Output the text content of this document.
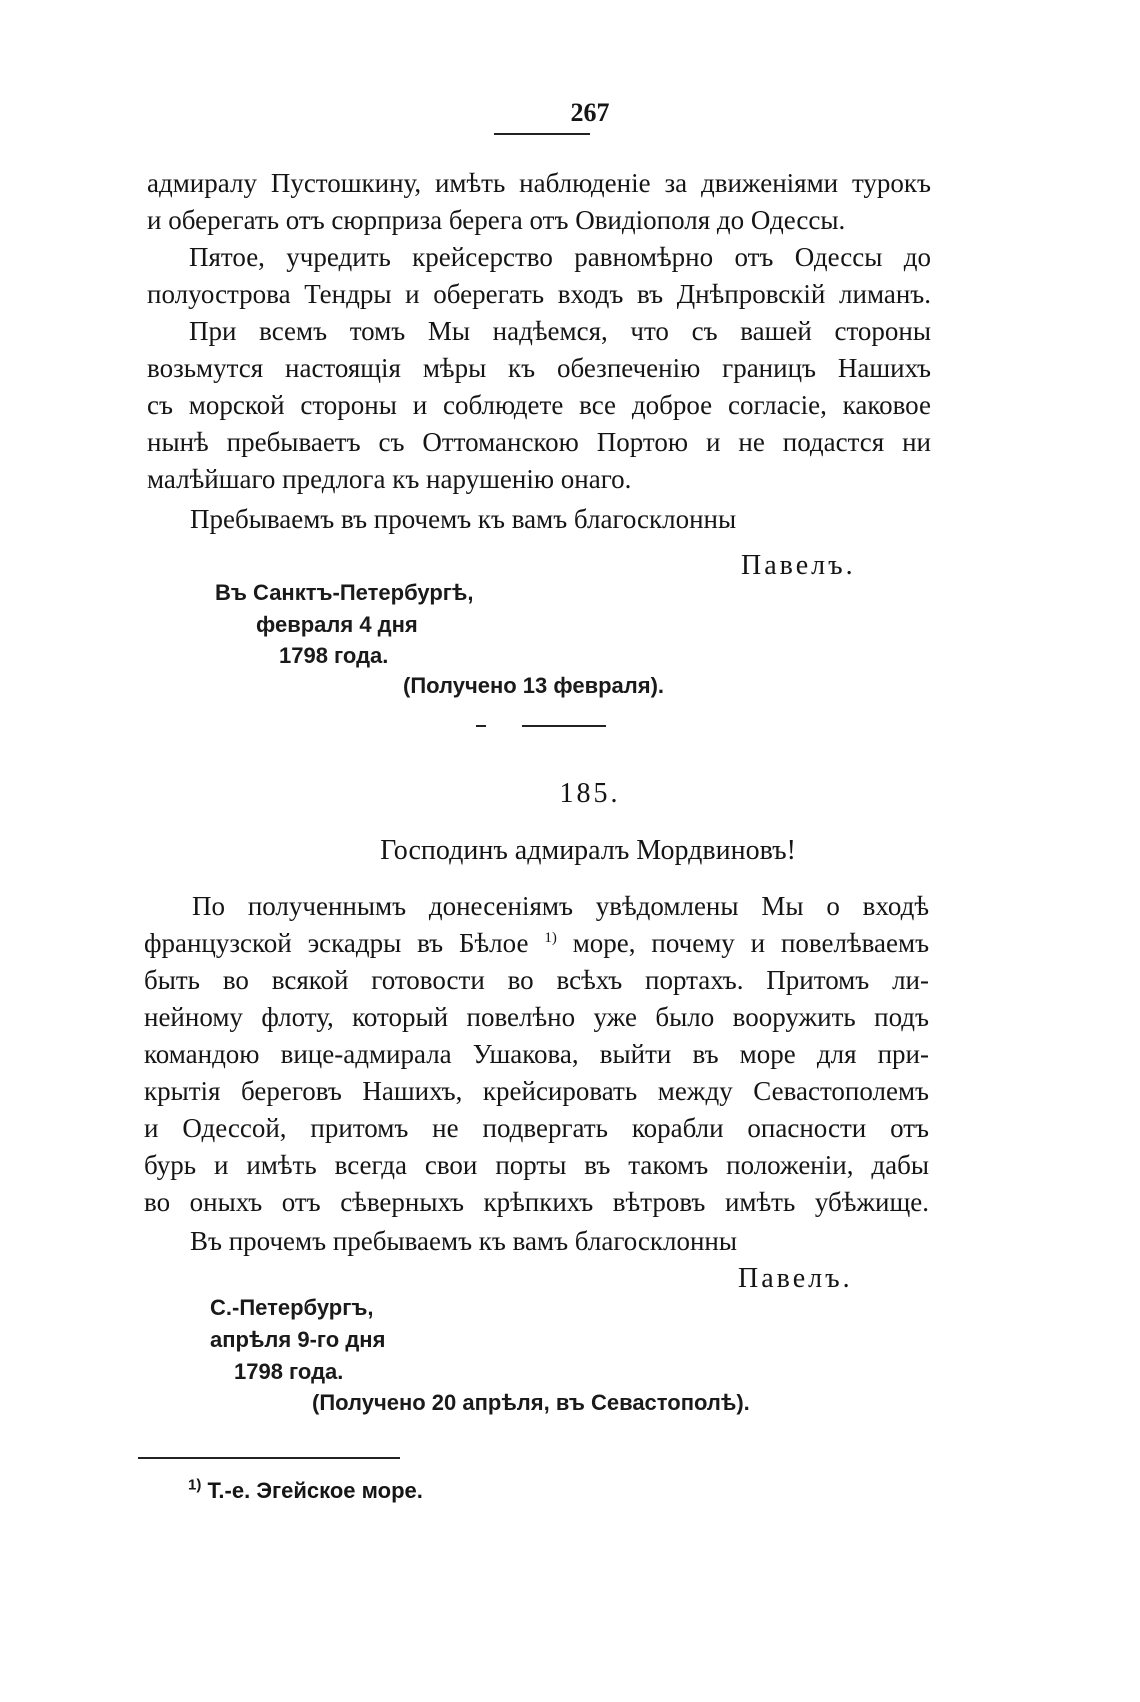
267
адмиралу Пустошкину, имѣть наблюденіе за движеніями турокъ
и оберегать отъ сюрприза берега отъ Овидіополя до Одессы.
Пятое, учредить крейсерство равномѣрно отъ Одессы до
полуострова Тендры и оберегать входъ въ Днѣпровскій лиманъ.
При всемъ томъ Мы надѣемся, что съ вашей стороны
возьмутся настоящія мѣры къ обезпеченію границъ Нашихъ
съ морской стороны и соблюдете все доброе согласіе, каковое
нынѣ пребываетъ съ Оттоманскою Портою и не подастся ни
малѣйшаго предлога къ нарушенію онаго.
Пребываемъ въ прочемъ къ вамъ благосклонны
Павелъ.
Въ Санктъ-Петербургѣ,
февраля 4 дня
1798 года.
(Получено 13 февраля).
185.
Господинъ адмиралъ Мордвиновъ!
По полученнымъ донесеніямъ увѣдомлены Мы о входѣ
французской эскадры въ Бѣлое $^{1)}$ море, почему и повелѣваемъ
быть во всякой готовости во всѣхъ портахъ. Притомъ ли-
нейному флоту, который повелѣно уже было вооружить подъ
командою вице-адмирала Ушакова, выйти въ море для при-
крытія береговъ Нашихъ, крейсировать между Севастополемъ
и Одессой, притомъ не подвергать корабли опасности отъ
бурь и имѣть всегда свои порты въ такомъ положеніи, дабы
во оныхъ отъ сѣверныхъ крѣпкихъ вѣтровъ имѣть убѣжище.
Въ прочемъ пребываемъ къ вамъ благосклонны
Павелъ.
С.-Петербургъ,
апрѣля 9-го дня
1798 года.
(Получено 20 апрѣля, въ Севастополѣ).
$^{1)}$ Т.-е. Эгейское море.
